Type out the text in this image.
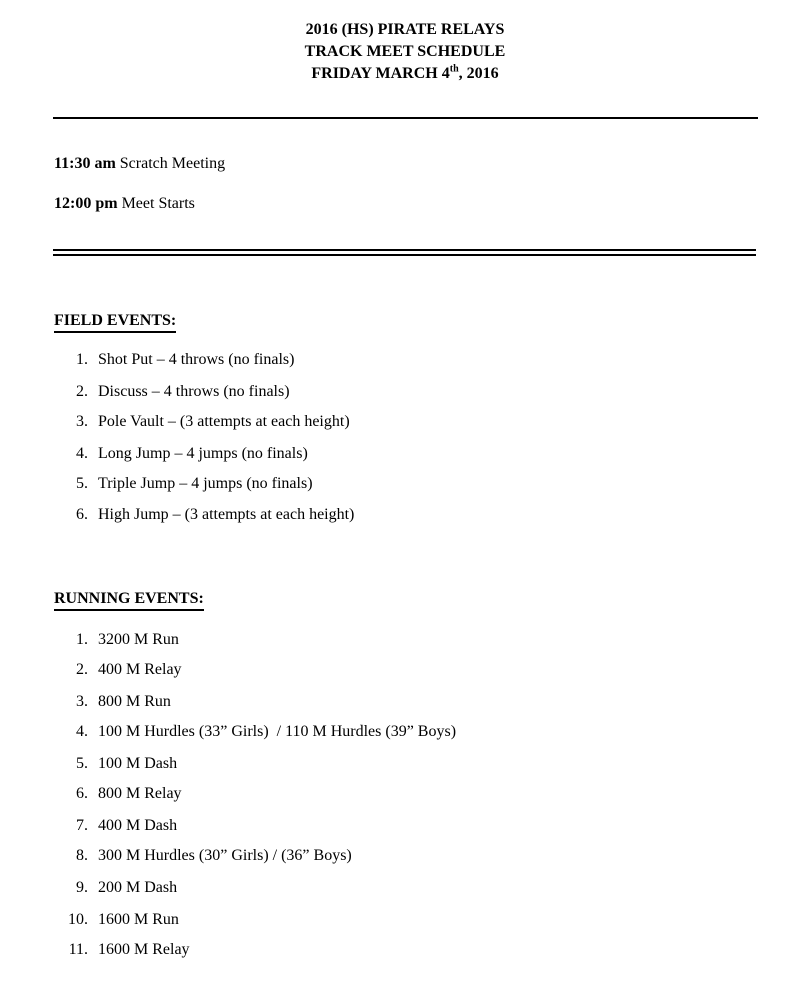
2016 (HS) PIRATE RELAYS
TRACK MEET SCHEDULE
FRIDAY MARCH 4th, 2016
11:30 am Scratch Meeting
12:00 pm Meet Starts
FIELD EVENTS:
1. Shot Put – 4 throws (no finals)
2. Discuss – 4 throws (no finals)
3. Pole Vault – (3 attempts at each height)
4. Long Jump – 4 jumps (no finals)
5. Triple Jump – 4 jumps (no finals)
6. High Jump – (3 attempts at each height)
RUNNING EVENTS:
1. 3200 M Run
2. 400 M Relay
3. 800 M Run
4. 100 M Hurdles (33” Girls)  / 110 M Hurdles (39” Boys)
5. 100 M Dash
6. 800 M Relay
7. 400 M Dash
8. 300 M Hurdles (30” Girls) / (36” Boys)
9. 200 M Dash
10. 1600 M Run
11. 1600 M Relay
